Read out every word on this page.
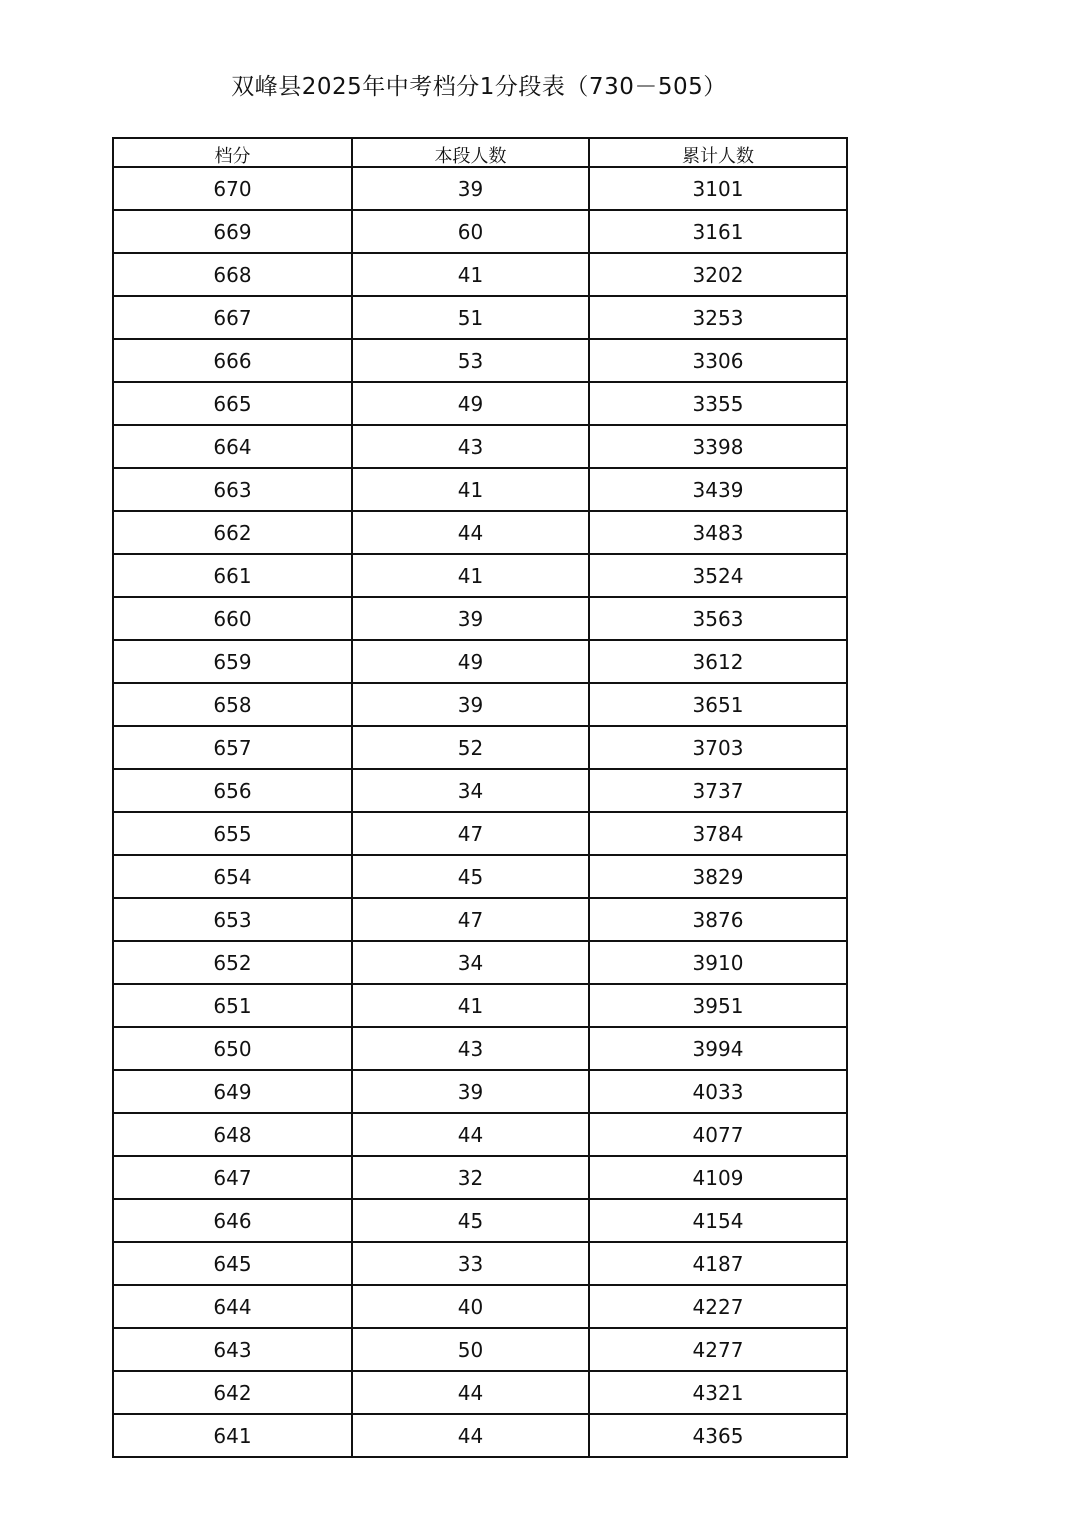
双峰县2025年中考档分1分段表（730－505）
档分	本段人数	累计人数
670	39	3101
669	60	3161
668	41	3202
667	51	3253
666	53	3306
665	49	3355
664	43	3398
663	41	3439
662	44	3483
661	41	3524
660	39	3563
659	49	3612
658	39	3651
657	52	3703
656	34	3737
655	47	3784
654	45	3829
653	47	3876
652	34	3910
651	41	3951
650	43	3994
649	39	4033
648	44	4077
647	32	4109
646	45	4154
645	33	4187
644	40	4227
643	50	4277
642	44	4321
641	44	4365
